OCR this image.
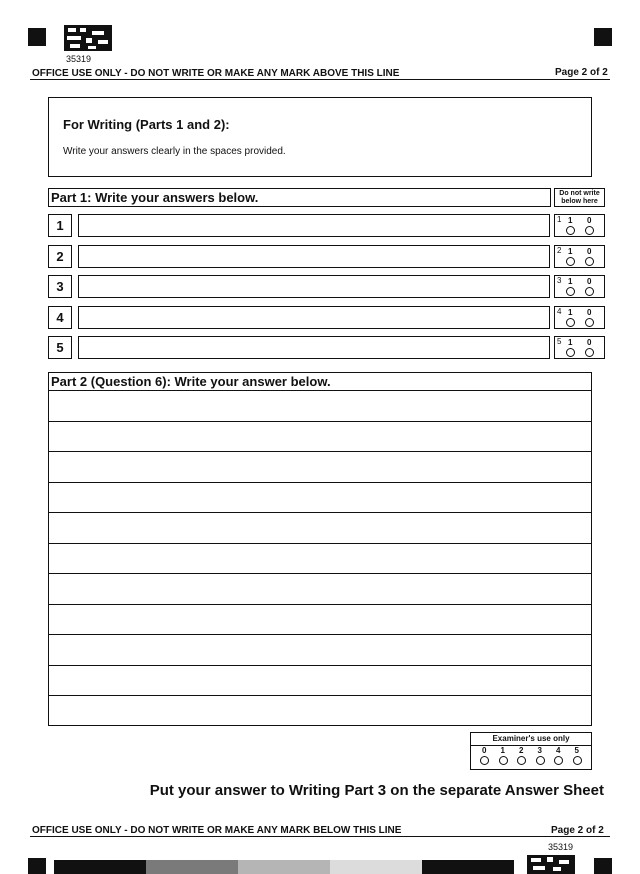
35319
OFFICE USE ONLY - DO NOT WRITE OR MAKE ANY MARK ABOVE THIS LINE	Page 2 of 2
For Writing (Parts 1 and 2):
Write your answers clearly in the spaces provided.
Part 1: Write your answers below.	Do not write below here
1	1 1 0
2	2 1 0
3	3 1 0
4	4 1 0
5	5 1 0
Part 2 (Question 6): Write your answer below.
Examiner's use only
0 1 2 3 4 5
Put your answer to Writing Part 3 on the separate Answer Sheet
OFFICE USE ONLY - DO NOT WRITE OR MAKE ANY MARK BELOW THIS LINE	Page 2 of 2
35319
